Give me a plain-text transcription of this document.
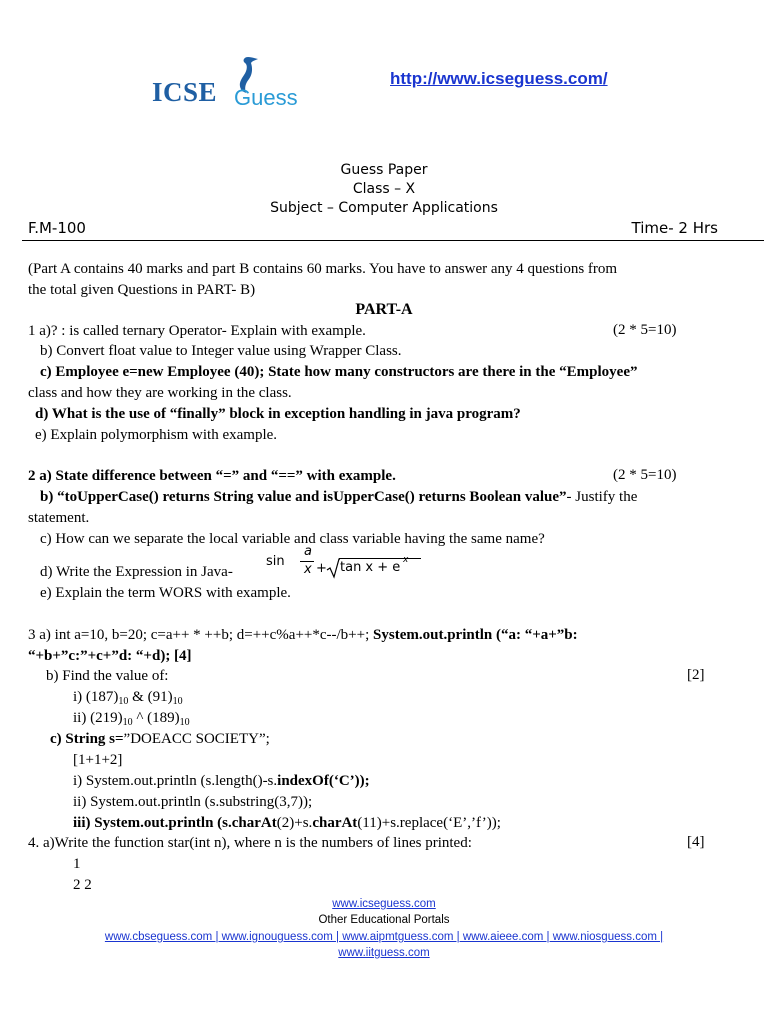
ICSE Guess
http://www.icseguess.com/
Guess Paper
Class – X
Subject – Computer Applications
F.M-100	Time- 2 Hrs
(Part A contains 40 marks and part B contains 60 marks. You have to answer any 4 questions from
the total given Questions in PART- B)
PART-A
1 a)? : is called ternary Operator- Explain with example.	(2 * 5=10)
b) Convert float value to Integer value using Wrapper Class.
c) Employee e=new Employee (40); State how many constructors are there in the “Employee”
class and how they are working in the class.
d) What is the use of “finally” block in exception handling in java program?
e) Explain polymorphism with example.
2 a) State difference between “=” and “==” with example.	(2 * 5=10)
b) “toUpperCase() returns String value and isUpperCase() returns Boolean value”- Justify the
statement.
c) How can we separate the local variable and class variable having the same name?
d) Write the Expression in Java-
sin
a
x + tan x + e x
e) Explain the term WORS with example.
3 a) int a=10, b=20; c=a++ * ++b; d=++c%a++*c--/b++; System.out.println (“a: “+a+”b:
“+b+”c:”+c+”d: “+d); [4]
b) Find the value of:	[2]
i) $(187)_{10}$ & $(91)_{10}$
ii) $(219)_{10}$ ^ $(189)_{10}$
c) String s=”DOEACC SOCIETY”;
[1+1+2]
i) System.out.println (s.length()-s.indexOf(‘C’));
ii) System.out.println (s.substring(3,7));
iii) System.out.println (s.charAt(2)+s.charAt(11)+s.replace(‘E’,’f’));
4. a)Write the function star(int n), where n is the numbers of lines printed:	[4]
1
2 2
www.icseguess.com
Other Educational Portals
www.cbseguess.com | www.ignouguess.com | www.aipmtguess.com | www.aieee.com | www.niosguess.com |
www.iitguess.com
